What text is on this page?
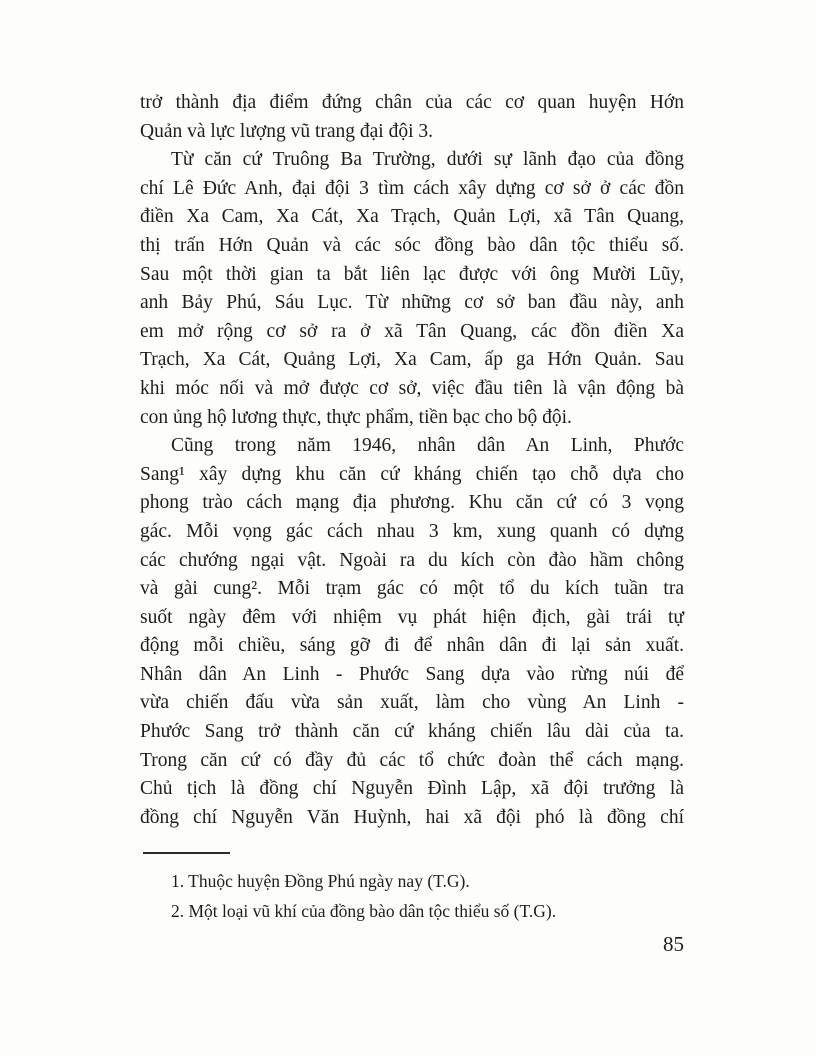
trở thành địa điểm đứng chân của các cơ quan huyện Hớn
Quản và lực lượng vũ trang đại đội 3.
Từ căn cứ Truông Ba Trường, dưới sự lãnh đạo của đồng
chí Lê Đức Anh, đại đội 3 tìm cách xây dựng cơ sở ở các đồn
điền Xa Cam, Xa Cát, Xa Trạch, Quản Lợi, xã Tân Quang,
thị trấn Hớn Quản và các sóc đồng bào dân tộc thiểu số.
Sau một thời gian ta bắt liên lạc được với ông Mười Lũy,
anh Bảy Phú, Sáu Lục. Từ những cơ sở ban đầu này, anh
em mở rộng cơ sở ra ở xã Tân Quang, các đồn điền Xa
Trạch, Xa Cát, Quảng Lợi, Xa Cam, ấp ga Hớn Quản. Sau
khi móc nối và mở được cơ sở, việc đầu tiên là vận động bà
con ủng hộ lương thực, thực phẩm, tiền bạc cho bộ đội.
Cũng trong năm 1946, nhân dân An Linh, Phước
Sang¹ xây dựng khu căn cứ kháng chiến tạo chỗ dựa cho
phong trào cách mạng địa phương. Khu căn cứ có 3 vọng
gác. Mỗi vọng gác cách nhau 3 km, xung quanh có dựng
các chướng ngại vật. Ngoài ra du kích còn đào hầm chông
và gài cung². Mỗi trạm gác có một tổ du kích tuần tra
suốt ngày đêm với nhiệm vụ phát hiện địch, gài trái tự
động mỗi chiều, sáng gỡ đi để nhân dân đi lại sản xuất.
Nhân dân An Linh - Phước Sang dựa vào rừng núi để
vừa chiến đấu vừa sản xuất, làm cho vùng An Linh -
Phước Sang trở thành căn cứ kháng chiến lâu dài của ta.
Trong căn cứ có đầy đủ các tổ chức đoàn thể cách mạng.
Chủ tịch là đồng chí Nguyễn Đình Lập, xã đội trưởng là
đồng chí Nguyễn Văn Huỳnh, hai xã đội phó là đồng chí
1. Thuộc huyện Đồng Phú ngày nay (T.G).
2. Một loại vũ khí của đồng bào dân tộc thiểu số (T.G).
85
